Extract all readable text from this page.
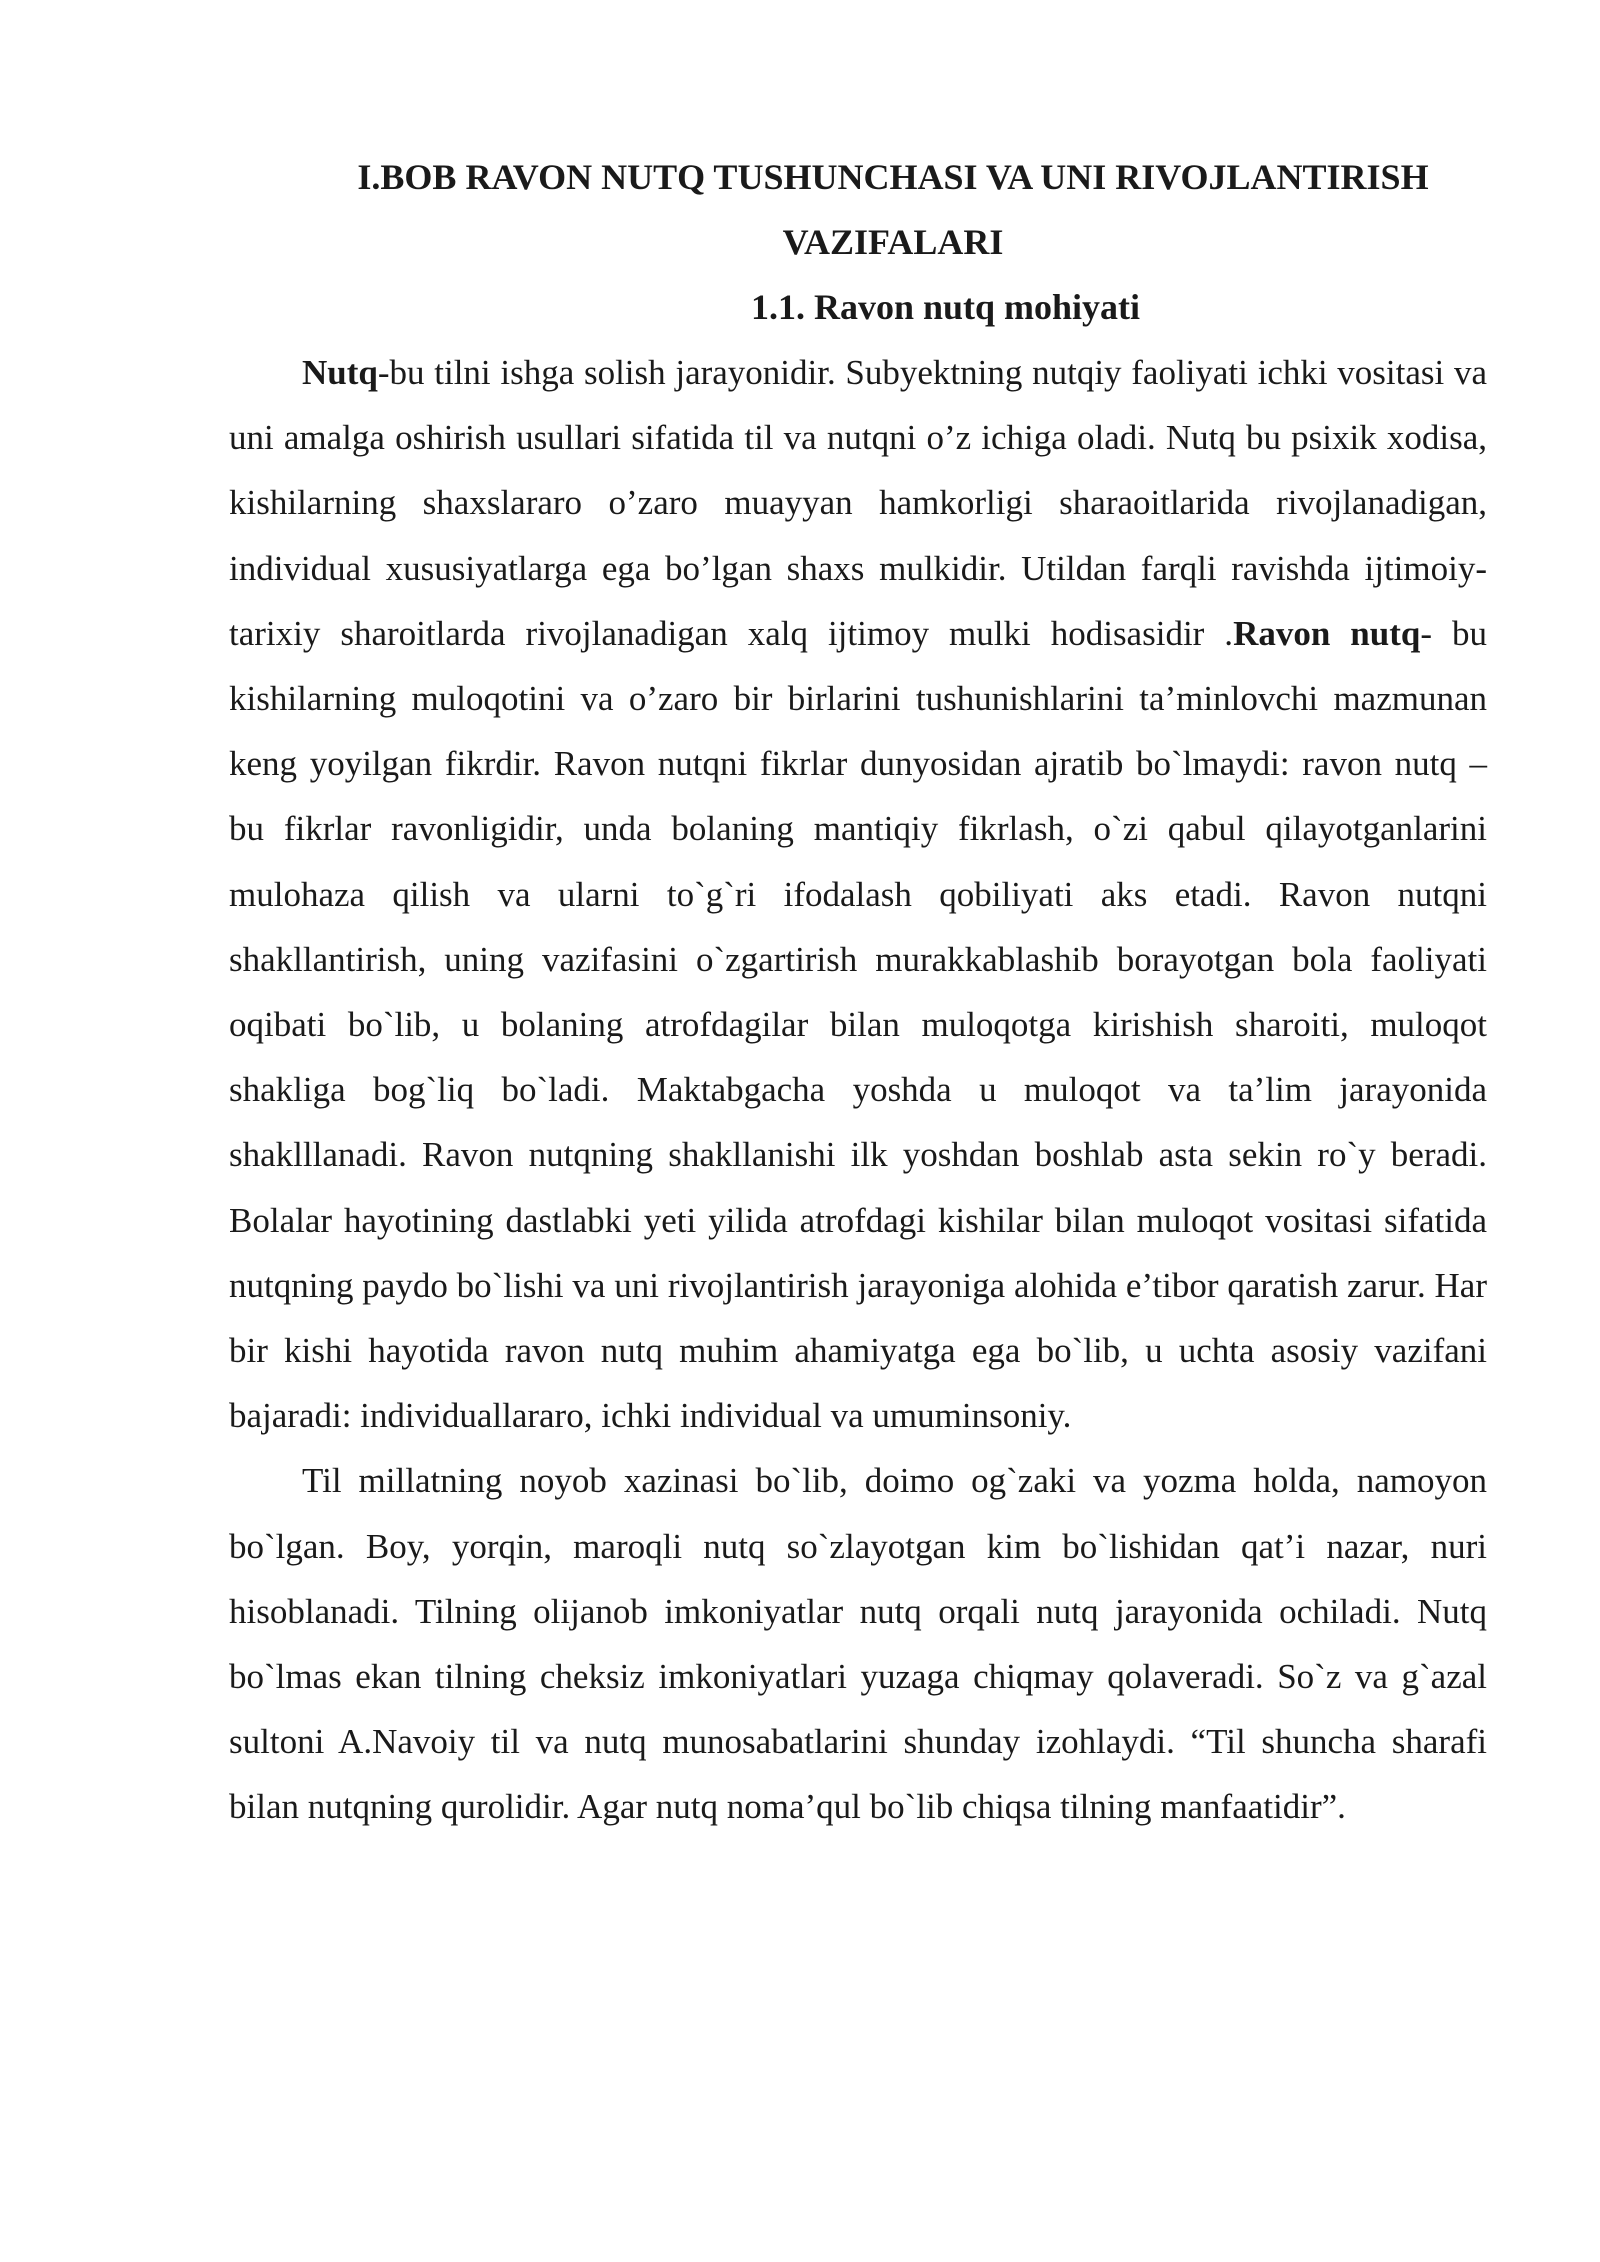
I.BOB RAVON NUTQ TUSHUNCHASI VA UNI RIVOJLANTIRISH VAZIFALARI
1.1. Ravon nutq mohiyati

Nutq-bu tilni ishga solish jarayonidir. Subyektning nutqiy faoliyati ichki vositasi va uni amalga oshirish usullari sifatida til va nutqni o’z ichiga oladi. Nutq bu psixik xodisa, kishilarning shaxslararo o’zaro muayyan hamkorligi sharaoitlarida rivojlanadigan, individual xususiyatlarga ega bo’lgan shaxs mulkidir. Utildan farqli ravishda ijtimoiy-tarixiy sharoitlarda rivojlanadigan xalq ijtimoy mulki hodisasidir .Ravon nutq- bu kishilarning muloqotini va o’zaro bir birlarini tushunishlarini ta’minlovchi mazmunan keng yoyilgan fikrdir. Ravon nutqni fikrlar dunyosidan ajratib bo`lmaydi: ravon nutq – bu fikrlar ravonligidir, unda bolaning mantiqiy fikrlash, o`zi qabul qilayotganlarini mulohaza qilish va ularni to`g`ri ifodalash qobiliyati aks etadi. Ravon nutqni shakllantirish, uning vazifasini o`zgartirish murakkablashib borayotgan bola faoliyati oqibati bo`lib, u bolaning atrofdagilar bilan muloqotga kirishish sharoiti, muloqot shakliga bog`liq bo`ladi. Maktabgacha yoshda u muloqot va ta’lim jarayonida shaklllanadi. Ravon nutqning shakllanishi ilk yoshdan boshlab asta sekin ro`y beradi. Bolalar hayotining dastlabki yeti yilida atrofdagi kishilar bilan muloqot vositasi sifatida nutqning paydo bo`lishi va uni rivojlantirish jarayoniga alohida e’tibor qaratish zarur. Har bir kishi hayotida ravon nutq muhim ahamiyatga ega bo`lib, u uchta asosiy vazifani bajaradi: individuallararo, ichki individual va umuminsoniy.

Til millatning noyob xazinasi bo`lib, doimo og`zaki va yozma holda, namoyon bo`lgan. Boy, yorqin, maroqli nutq so`zlayotgan kim bo`lishidan qat’i nazar, nuri hisoblanadi. Tilning olijanob imkoniyatlar nutq orqali nutq jarayonida ochiladi. Nutq bo`lmas ekan tilning cheksiz imkoniyatlari yuzaga chiqmay qolaveradi. So`z va g`azal sultoni A.Navoiy til va nutq munosabatlarini shunday izohlaydi. “Til shuncha sharafi bilan nutqning qurolidir. Agar nutq noma’qul bo`lib chiqsa tilning manfaatidir”.
